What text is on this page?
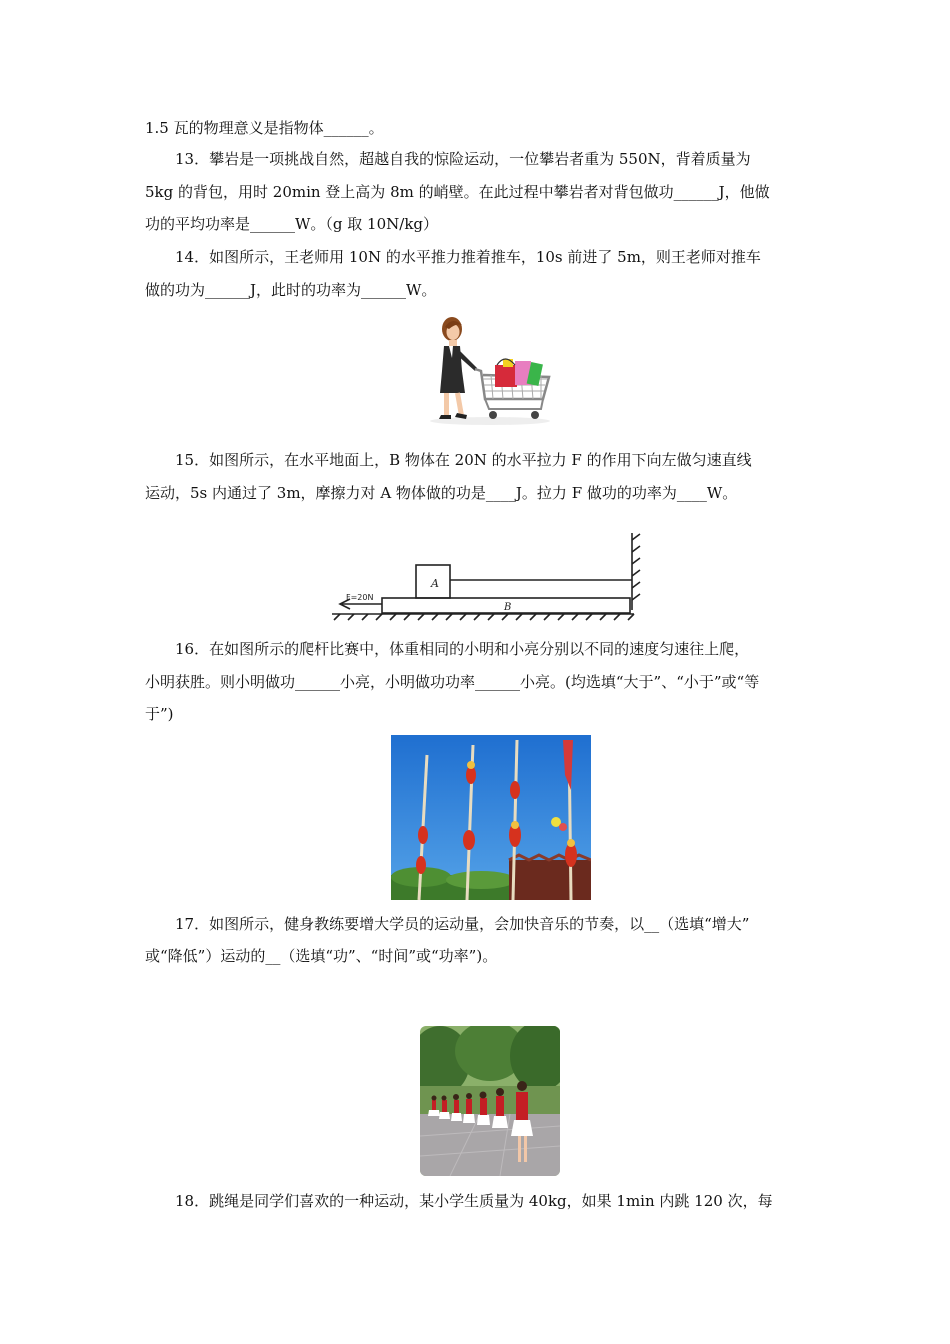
1.5 瓦的物理意义是指物体______。
13．攀岩是一项挑战自然，超越自我的惊险运动，一位攀岩者重为 550N，背着质量为
5kg 的背包，用时 20min 登上高为 8m 的峭壁。在此过程中攀岩者对背包做功______J，他做
功的平均功率是______W。（g 取 10N/kg）
14．如图所示，王老师用 10N 的水平推力推着推车，10s 前进了 5m，则王老师对推车
做的功为______J，此时的功率为______W。
15．如图所示，在水平地面上，B 物体在 20N 的水平拉力 F 的作用下向左做匀速直线
运动，5s 内通过了 3m，摩擦力对 A 物体做的功是____J。拉力 F 做功的功率为____W。
A
B
F=20N
16．在如图所示的爬杆比赛中，体重相同的小明和小亮分别以不同的速度匀速往上爬，
小明获胜。则小明做功______小亮，小明做功功率______小亮。(均选填“大于”、“小于”或“等
于”)
17．如图所示，健身教练要增大学员的运动量，会加快音乐的节奏，以__（选填“增大”
或“降低”）运动的__（选填“功”、“时间”或“功率”)。
18．跳绳是同学们喜欢的一种运动，某小学生质量为 40kg，如果 1min 内跳 120 次，每
